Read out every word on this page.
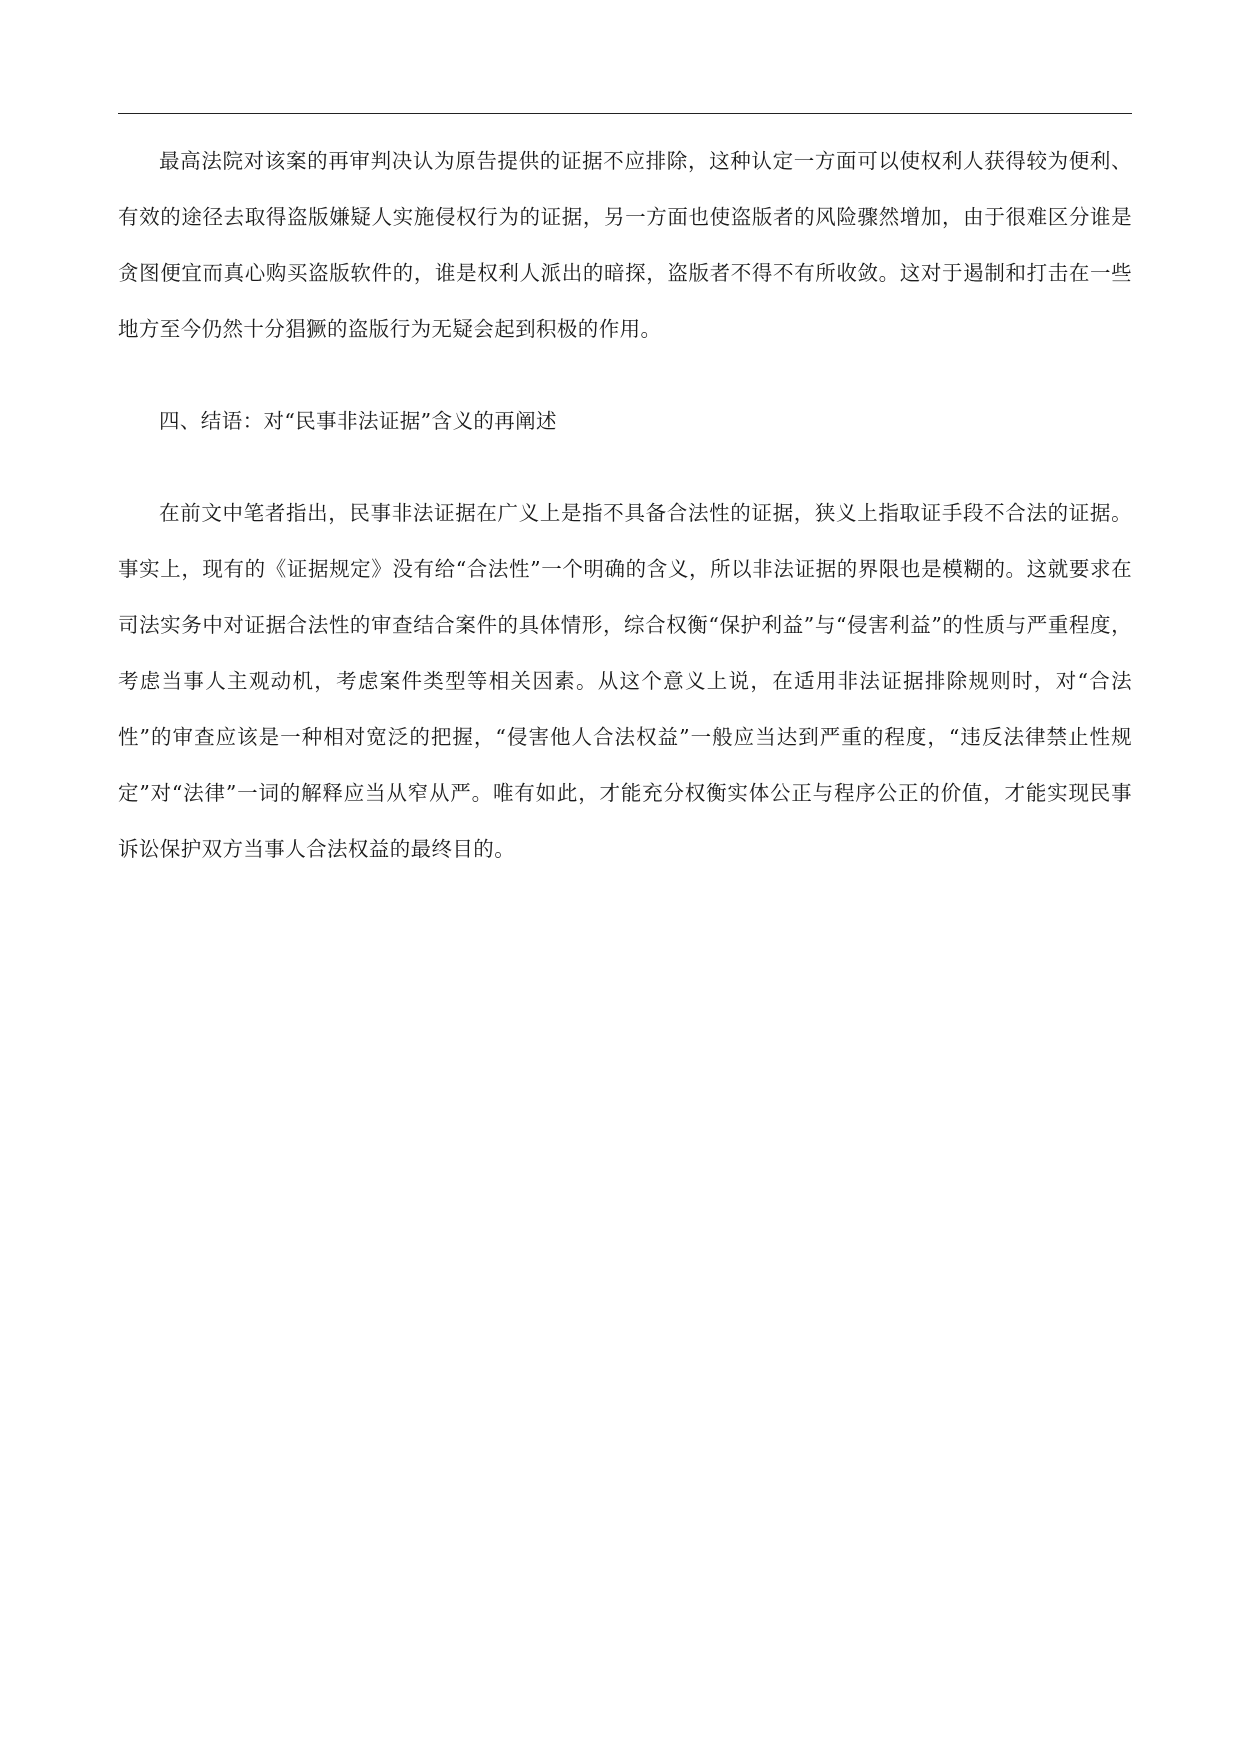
最高法院对该案的再审判决认为原告提供的证据不应排除，这种认定一方面可以使权利人获得较为便利、有效的途径去取得盗版嫌疑人实施侵权行为的证据，另一方面也使盗版者的风险骤然增加，由于很难区分谁是贪图便宜而真心购买盗版软件的，谁是权利人派出的暗探，盗版者不得不有所收敛。这对于遏制和打击在一些地方至今仍然十分猖獗的盗版行为无疑会起到积极的作用。

四、结语：对“民事非法证据”含义的再阐述

在前文中笔者指出，民事非法证据在广义上是指不具备合法性的证据，狭义上指取证手段不合法的证据。事实上，现有的《证据规定》没有给“合法性”一个明确的含义，所以非法证据的界限也是模糊的。这就要求在司法实务中对证据合法性的审查结合案件的具体情形，综合权衡“保护利益”与“侵害利益”的性质与严重程度，考虑当事人主观动机，考虑案件类型等相关因素。从这个意义上说，在适用非法证据排除规则时，对“合法性”的审查应该是一种相对宽泛的把握，“侵害他人合法权益”一般应当达到严重的程度，“违反法律禁止性规定”对“法律”一词的解释应当从窄从严。唯有如此，才能充分权衡实体公正与程序公正的价值，才能实现民事诉讼保护双方当事人合法权益的最终目的。
